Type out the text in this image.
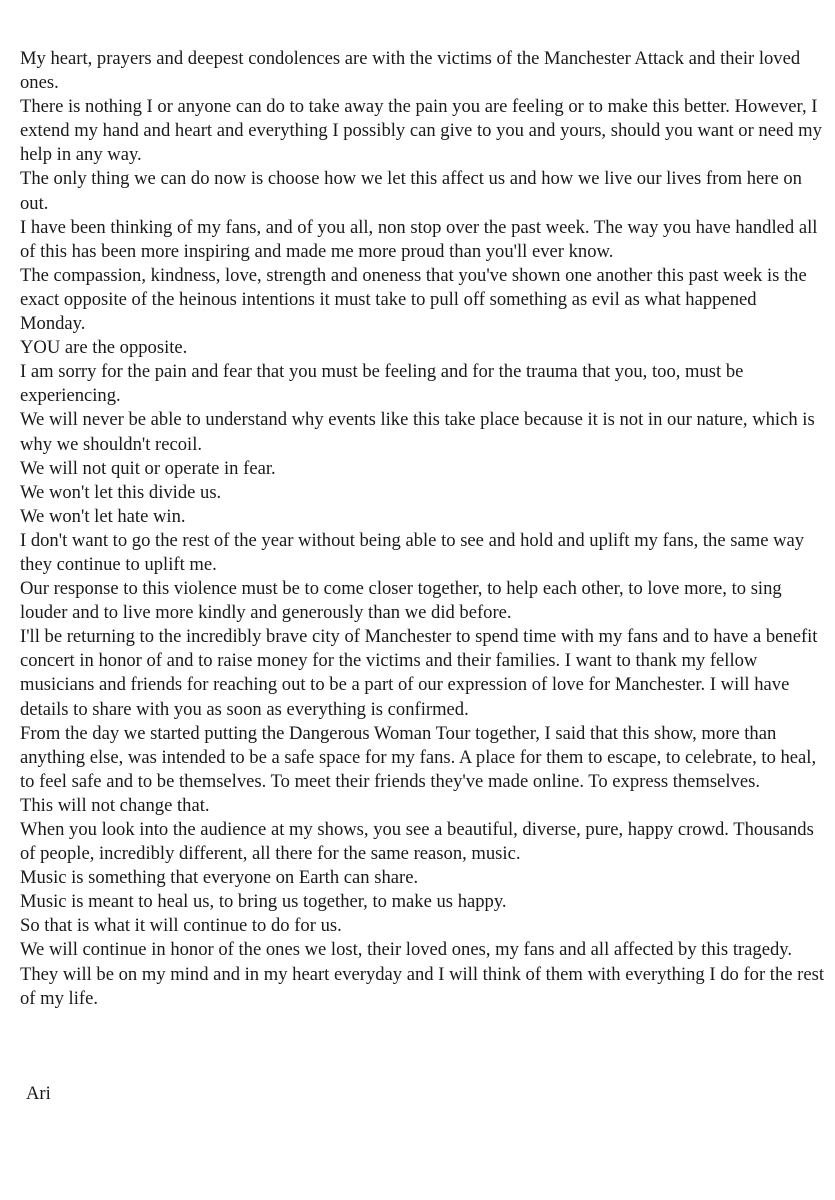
My heart, prayers and deepest condolences are with the victims of the Manchester Attack and their loved ones.

There is nothing I or anyone can do to take away the pain you are feeling or to make this better. However, I extend my hand and heart and everything I possibly can give to you and yours, should you want or need my help in any way.

The only thing we can do now is choose how we let this affect us and how we live our lives from here on out.

I have been thinking of my fans, and of you all, non stop over the past week. The way you have handled all of this has been more inspiring and made me more proud than you'll ever know.

The compassion, kindness, love, strength and oneness that you've shown one another this past week is the exact opposite of the heinous intentions it must take to pull off something as evil as what happened Monday.

YOU are the opposite.

I am sorry for the pain and fear that you must be feeling and for the trauma that you, too, must be experiencing.

We will never be able to understand why events like this take place because it is not in our nature, which is why we shouldn't recoil.

We will not quit or operate in fear.

We won't let this divide us.

We won't let hate win.

I don't want to go the rest of the year without being able to see and hold and uplift my fans, the same way they continue to uplift me.

Our response to this violence must be to come closer together, to help each other, to love more, to sing louder and to live more kindly and generously than we did before.

I'll be returning to the incredibly brave city of Manchester to spend time with my fans and to have a benefit concert in honor of and to raise money for the victims and their families. I want to thank my fellow musicians and friends for reaching out to be a part of our expression of love for Manchester. I will have details to share with you as soon as everything is confirmed.

From the day we started putting the Dangerous Woman Tour together, I said that this show, more than anything else, was intended to be a safe space for my fans. A place for them to escape, to celebrate, to heal, to feel safe and to be themselves. To meet their friends they've made online. To express themselves.

This will not change that.

When you look into the audience at my shows, you see a beautiful, diverse, pure, happy crowd. Thousands of people, incredibly different, all there for the same reason, music.

Music is something that everyone on Earth can share.

Music is meant to heal us, to bring us together, to make us happy.

So that is what it will continue to do for us.

We will continue in honor of the ones we lost, their loved ones, my fans and all affected by this tragedy.

They will be on my mind and in my heart everyday and I will think of them with everything I do for the rest of my life.

Ari
